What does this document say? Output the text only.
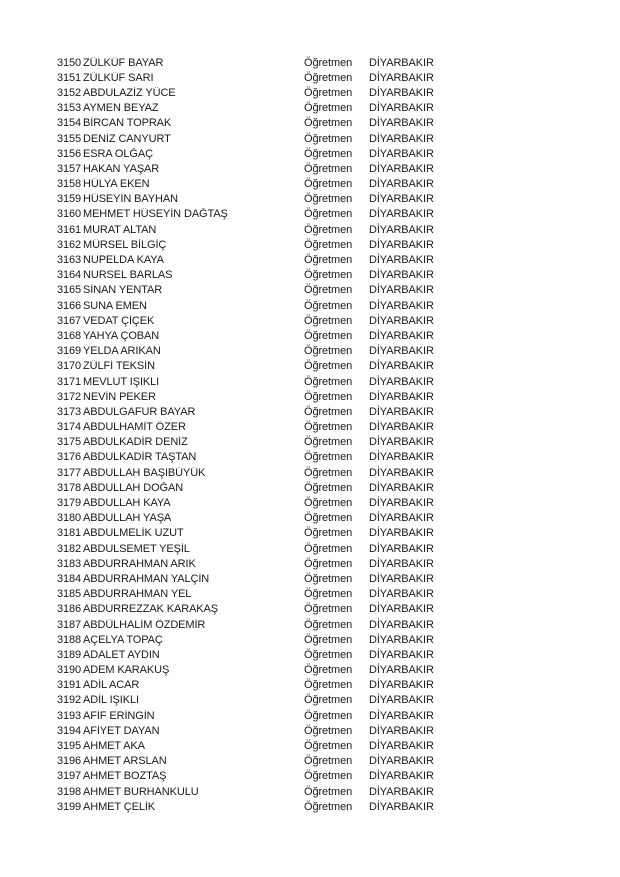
3150 ZÜLKÜF BAYAR	Öğretmen	DİYARBAKIR
3151 ZÜLKÜF SARI	Öğretmen	DİYARBAKIR
3152 ABDULAZİZ YÜCE	Öğretmen	DİYARBAKIR
3153 AYMEN BEYAZ	Öğretmen	DİYARBAKIR
3154 BİRCAN TOPRAK	Öğretmen	DİYARBAKIR
3155 DENİZ CANYURT	Öğretmen	DİYARBAKIR
3156 ESRA OLĞAÇ	Öğretmen	DİYARBAKIR
3157 HAKAN YAŞAR	Öğretmen	DİYARBAKIR
3158 HÜLYA EKEN	Öğretmen	DİYARBAKIR
3159 HÜSEYİN BAYHAN	Öğretmen	DİYARBAKIR
3160 MEHMET HÜSEYİN DAĞTAŞ	Öğretmen	DİYARBAKIR
3161 MURAT ALTAN	Öğretmen	DİYARBAKIR
3162 MÜRSEL BİLGİÇ	Öğretmen	DİYARBAKIR
3163 NUPELDA KAYA	Öğretmen	DİYARBAKIR
3164 NURSEL BARLAS	Öğretmen	DİYARBAKIR
3165 SİNAN YENTAR	Öğretmen	DİYARBAKIR
3166 SUNA EMEN	Öğretmen	DİYARBAKIR
3167 VEDAT ÇİÇEK	Öğretmen	DİYARBAKIR
3168 YAHYA ÇOBAN	Öğretmen	DİYARBAKIR
3169 YELDA ARIKAN	Öğretmen	DİYARBAKIR
3170 ZÜLFİ TEKSİN	Öğretmen	DİYARBAKIR
3171 MEVLUT IŞIKLI	Öğretmen	DİYARBAKIR
3172 NEVİN PEKER	Öğretmen	DİYARBAKIR
3173 ABDULGAFUR BAYAR	Öğretmen	DİYARBAKIR
3174 ABDULHAMİT ÖZER	Öğretmen	DİYARBAKIR
3175 ABDULKADİR DENİZ	Öğretmen	DİYARBAKIR
3176 ABDULKADİR TAŞTAN	Öğretmen	DİYARBAKIR
3177 ABDULLAH BAŞIBÜYÜK	Öğretmen	DİYARBAKIR
3178 ABDULLAH DOĞAN	Öğretmen	DİYARBAKIR
3179 ABDULLAH KAYA	Öğretmen	DİYARBAKIR
3180 ABDULLAH YAŞA	Öğretmen	DİYARBAKIR
3181 ABDULMELİK UZUT	Öğretmen	DİYARBAKIR
3182 ABDULSEMET YEŞİL	Öğretmen	DİYARBAKIR
3183 ABDURRAHMAN ARIK	Öğretmen	DİYARBAKIR
3184 ABDURRAHMAN YALÇİN	Öğretmen	DİYARBAKIR
3185 ABDURRAHMAN YEL	Öğretmen	DİYARBAKIR
3186 ABDURREZZAK KARAKAŞ	Öğretmen	DİYARBAKIR
3187 ABDÜLHALİM ÖZDEMİR	Öğretmen	DİYARBAKIR
3188 AÇELYA TOPAÇ	Öğretmen	DİYARBAKIR
3189 ADALET AYDIN	Öğretmen	DİYARBAKIR
3190 ADEM KARAKUŞ	Öğretmen	DİYARBAKIR
3191 ADİL ACAR	Öğretmen	DİYARBAKIR
3192 ADİL IŞIKLI	Öğretmen	DİYARBAKIR
3193 AFİF ERİNGİN	Öğretmen	DİYARBAKIR
3194 AFİYET DAYAN	Öğretmen	DİYARBAKIR
3195 AHMET AKA	Öğretmen	DİYARBAKIR
3196 AHMET ARSLAN	Öğretmen	DİYARBAKIR
3197 AHMET BOZTAŞ	Öğretmen	DİYARBAKIR
3198 AHMET BURHANKULU	Öğretmen	DİYARBAKIR
3199 AHMET ÇELİK	Öğretmen	DİYARBAKIR
